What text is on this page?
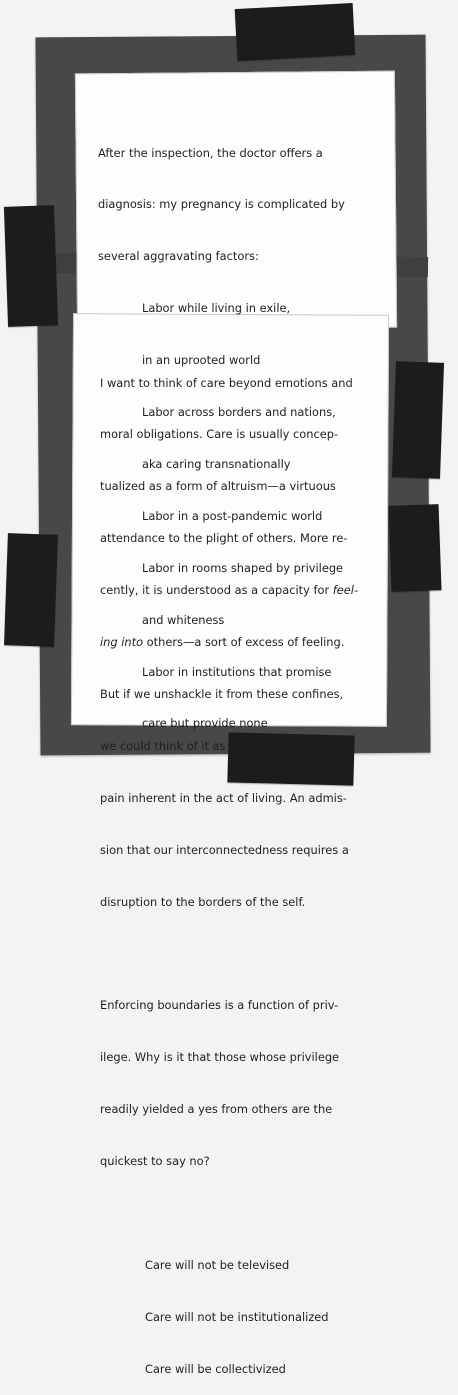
After the inspection, the doctor offers a

diagnosis: my pregnancy is complicated by

several aggravating factors:

Labor while living in exile,

in an uprooted world

Labor across borders and nations,

aka caring transnationally

Labor in a post-pandemic world

Labor in rooms shaped by privilege

and whiteness

Labor in institutions that promise

care but provide none

I want to think of care beyond emotions and

moral obligations. Care is usually concep-

tualized as a form of altruism—a virtuous

attendance to the plight of others. More re-

cently, it is understood as a capacity for feel-

ing into others—a sort of excess of feeling.

But if we unshackle it from these confines,

we could think of it as an antidote to the

pain inherent in the act of living. An admis-

sion that our interconnectedness requires a

disruption to the borders of the self.

Enforcing boundaries is a function of priv-

ilege. Why is it that those whose privilege

readily yielded a yes from others are the

quickest to say no?

Care will not be televised

Care will not be institutionalized

Care will be collectivized
